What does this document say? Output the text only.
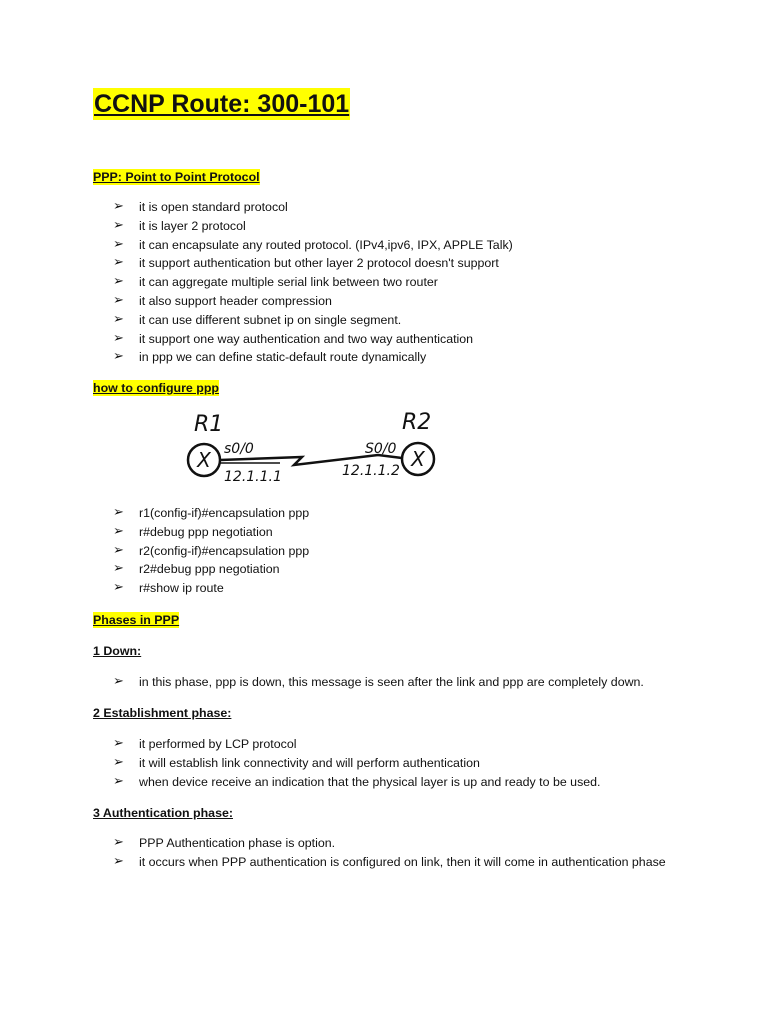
CCNP Route: 300-101
PPP: Point to Point Protocol
➢ it is open standard protocol
➢ it is layer 2 protocol
➢ it can encapsulate any routed protocol. (IPv4,ipv6, IPX, APPLE Talk)
➢ it support authentication but other layer 2 protocol doesn't support
➢ it can aggregate multiple serial link between two router
➢ it also support header compression
➢ it can use different subnet ip on single segment.
➢ it support one way authentication and two way authentication
➢ in ppp we can define static-default route dynamically
how to configure ppp
R1	R2
X	X
s0/0	S0/0
12.1.1.1	12.1.1.2
➢ r1(config-if)#encapsulation ppp
➢ r#debug ppp negotiation
➢ r2(config-if)#encapsulation ppp
➢ r2#debug ppp negotiation
➢ r#show ip route
Phases in PPP
1 Down:
➢ in this phase, ppp is down, this message is seen after the link and ppp are completely down.
2 Establishment phase:
➢ it performed by LCP protocol
➢ it will establish link connectivity and will perform authentication
➢ when device receive an indication that the physical layer is up and ready to be used.
3 Authentication phase:
➢ PPP Authentication phase is option.
➢ it occurs when PPP authentication is configured on link, then it will come in authentication phase
